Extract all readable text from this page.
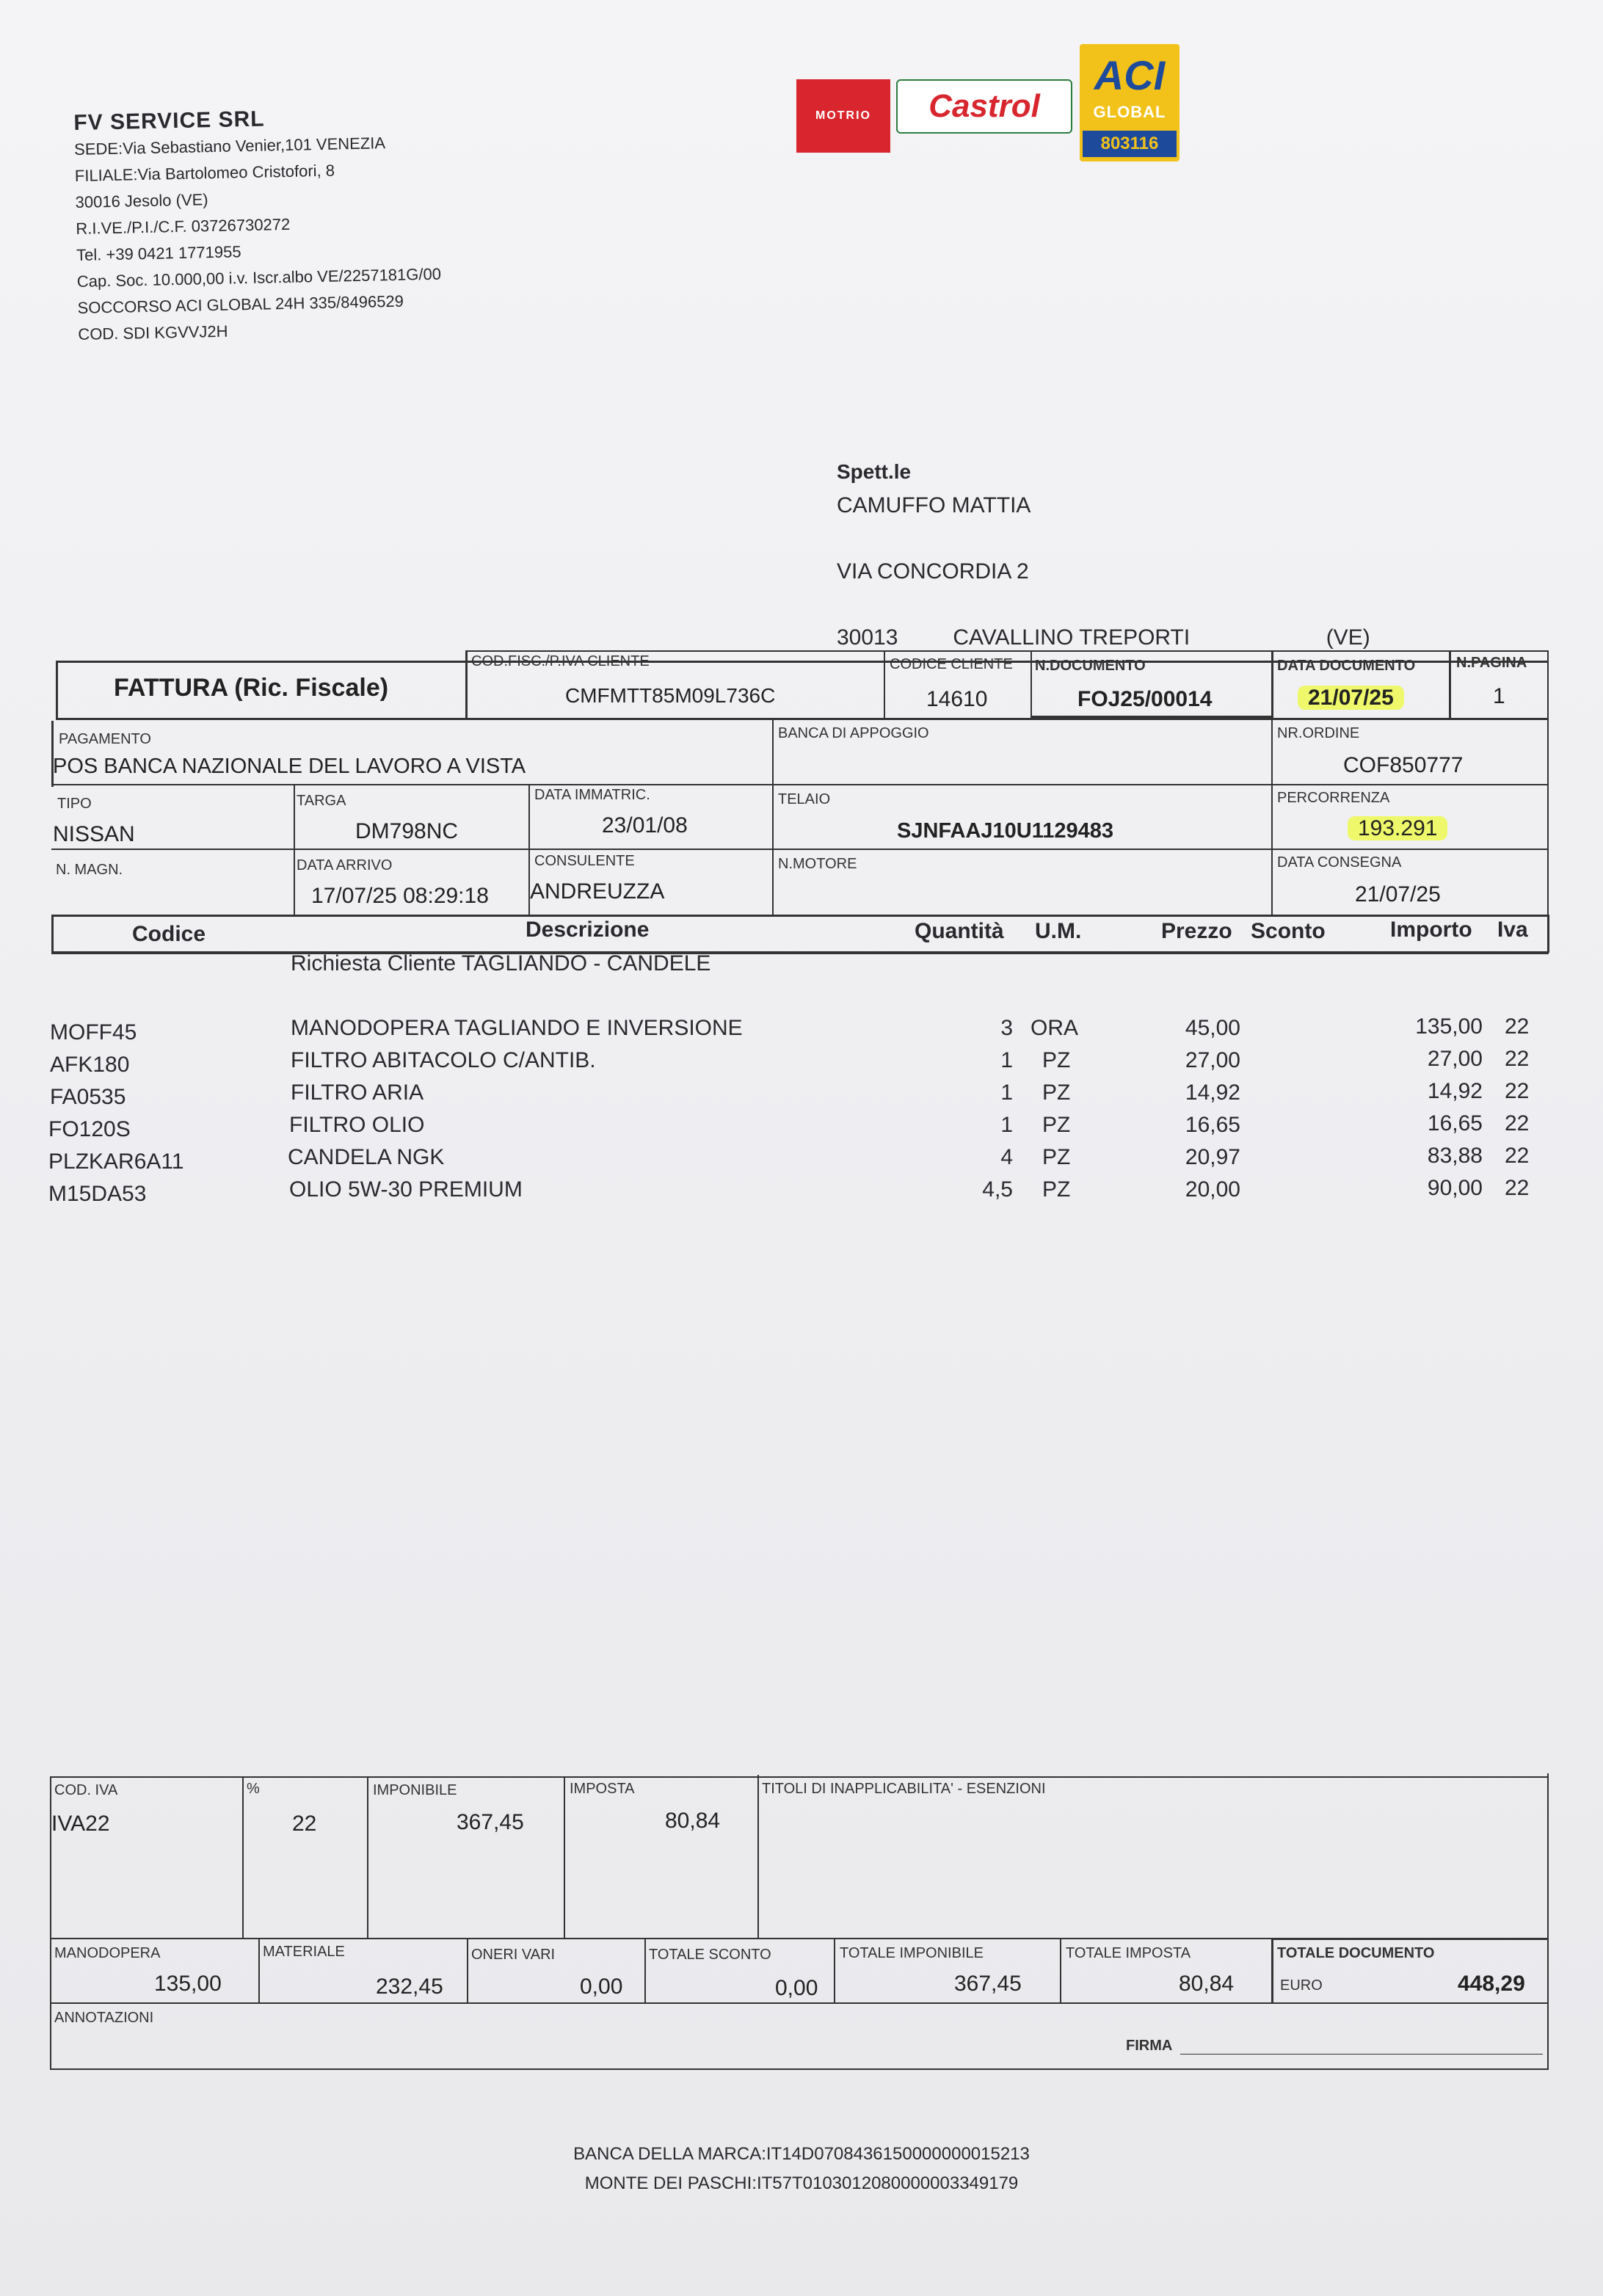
FV SERVICE SRL
SEDE:Via Sebastiano Venier,101 VENEZIA
FILIALE:Via Bartolomeo Cristofori, 8
30016 Jesolo (VE)
R.I.VE./P.I./C.F. 03726730272
Tel. +39 0421 1771955
Cap. Soc. 10.000,00 i.v. Iscr.albo VE/2257181G/00
SOCCORSO ACI GLOBAL 24H 335/8496529
COD. SDI KGVVJ2H
MOTRIO	Castrol
ACI
GLOBAL
803116
Spett.le
CAMUFFO MATTIA
VIA CONCORDIA 2
30013 CAVALLINO TREPORTI	(VE)
FATTURA (Ric. Fiscale)
COD.FISC./P.IVA CLIENTE
CMFMTT85M09L736C
CODICE CLIENTE
14610
N.DOCUMENTO
FOJ25/00014
DATA DOCUMENTO
21/07/25
N.PAGINA
1
PAGAMENTO
POS BANCA NAZIONALE DEL LAVORO A VISTA
BANCA DI APPOGGIO	NR.ORDINE
COF850777
TIPO
NISSAN
TARGA
DM798NC
DATA IMMATRIC.
23/01/08
TELAIO
SJNFAAJ10U1129483
PERCORRENZA
193.291
N. MAGN.	DATA ARRIVO
17/07/25 08:29:18
CONSULENTE
ANDREUZZA
N.MOTORE	DATA CONSEGNA
21/07/25
Codice	Descrizione	Quantità U.M.	Prezzo Sconto	Importo Iva
Richiesta Cliente TAGLIANDO - CANDELE
MOFF45	MANODOPERA TAGLIANDO E INVERSIONE	3 ORA	45,00	135,00 22
AFK180	FILTRO ABITACOLO C/ANTIB.	1 PZ	27,00	27,00 22
FA0535	FILTRO ARIA	1 PZ	14,92	14,92 22
FO120S	FILTRO OLIO	1 PZ	16,65	16,65 22
PLZKAR6A11	CANDELA NGK	4 PZ	20,97	83,88 22
M15DA53	OLIO 5W-30 PREMIUM	4,5 PZ	20,00	90,00 22
COD. IVA
IVA22
%
22
IMPONIBILE
367,45
IMPOSTA
80,84
TITOLI DI INAPPLICABILITA' - ESENZIONI
MANODOPERA
135,00
MATERIALE
232,45
ONERI VARI
0,00
TOTALE SCONTO
0,00
TOTALE IMPONIBILE
367,45
TOTALE IMPOSTA
80,84
TOTALE DOCUMENTO
EURO	448,29
ANNOTAZIONI
FIRMA
BANCA DELLA MARCA:IT14D0708436150000000015213
MONTE DEI PASCHI:IT57T0103012080000003349179
